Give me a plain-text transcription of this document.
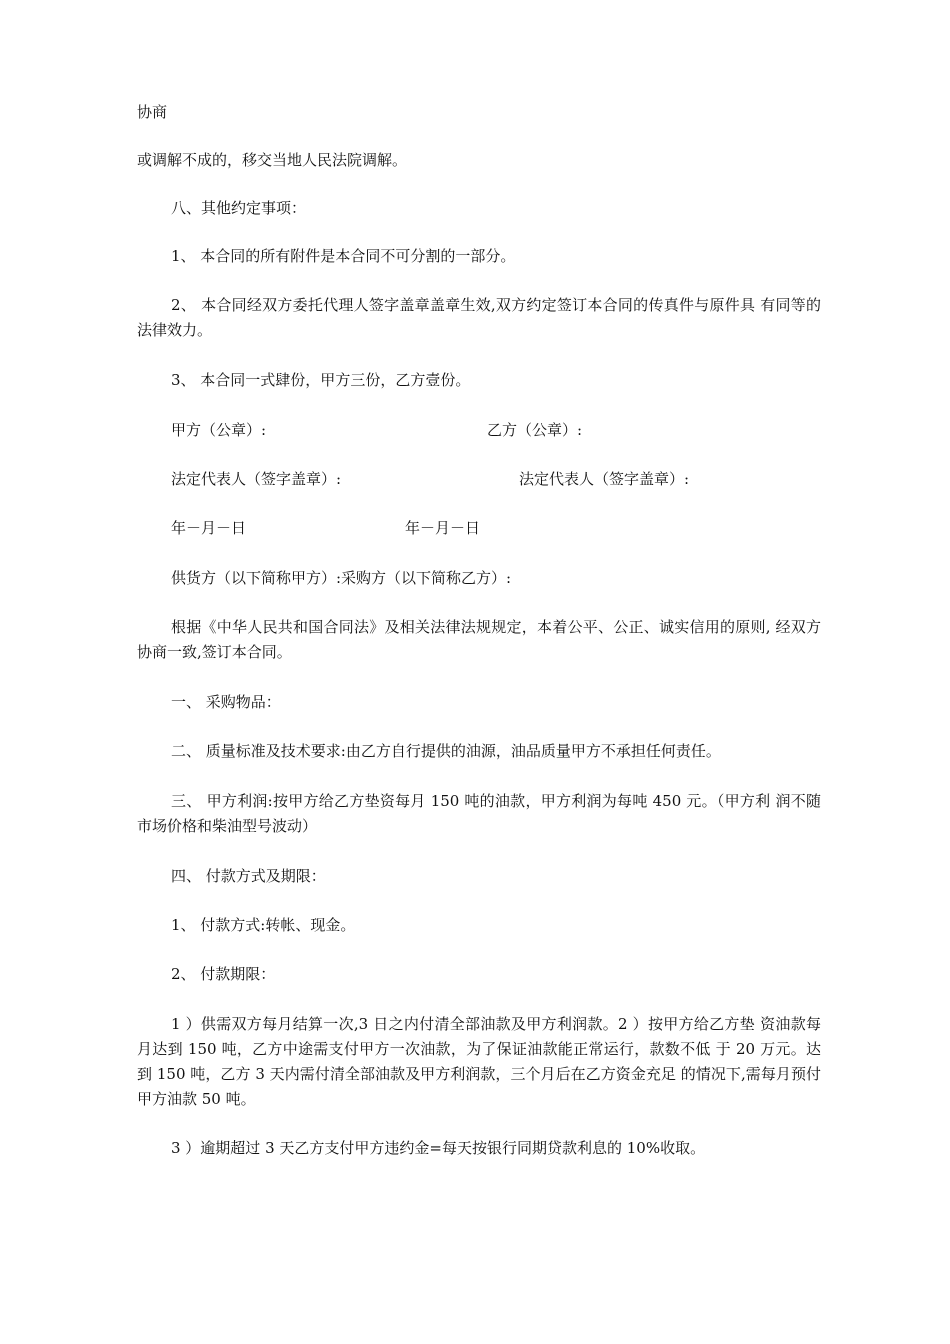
协商

或调解不成的，移交当地人民法院调解。

八、其他约定事项：

1、 本合同的所有附件是本合同不可分割的一部分。

2、 本合同经双方委托代理人签字盖章盖章生效,双方约定签订本合同的传真件与原件具 有同等的法律效力。

3、 本合同一式肆份，甲方三份，乙方壹份。

甲方（公章）:	乙方（公章）:

法定代表人（签字盖章）:	法定代表人（签字盖章）:

年－月－日	年－月－日

供货方（以下简称甲方）:采购方（以下简称乙方）:

根据《中华人民共和国合同法》及相关法律法规规定，本着公平、公正、诚实信用的原则, 经双方协商一致,签订本合同。

一、 采购物品：

二、 质量标准及技术要求:由乙方自行提供的油源，油品质量甲方不承担任何责任。

三、 甲方利润:按甲方给乙方垫资每月 150 吨的油款，甲方利润为每吨 450 元。（甲方利 润不随市场价格和柴油型号波动）

四、 付款方式及期限：

1、 付款方式:转帐、现金。

2、 付款期限：

1 ）供需双方每月结算一次,3 日之内付清全部油款及甲方利润款。2 ）按甲方给乙方垫 资油款每月达到 150 吨，乙方中途需支付甲方一次油款，为了保证油款能正常运行，款数不低 于 20 万元。达到 150 吨，乙方 3 天内需付清全部油款及甲方利润款，三个月后在乙方资金充足 的情况下,需每月预付甲方油款 50 吨。

3 ）逾期超过 3 天乙方支付甲方违约金=每天按银行同期贷款利息的 10%收取。
